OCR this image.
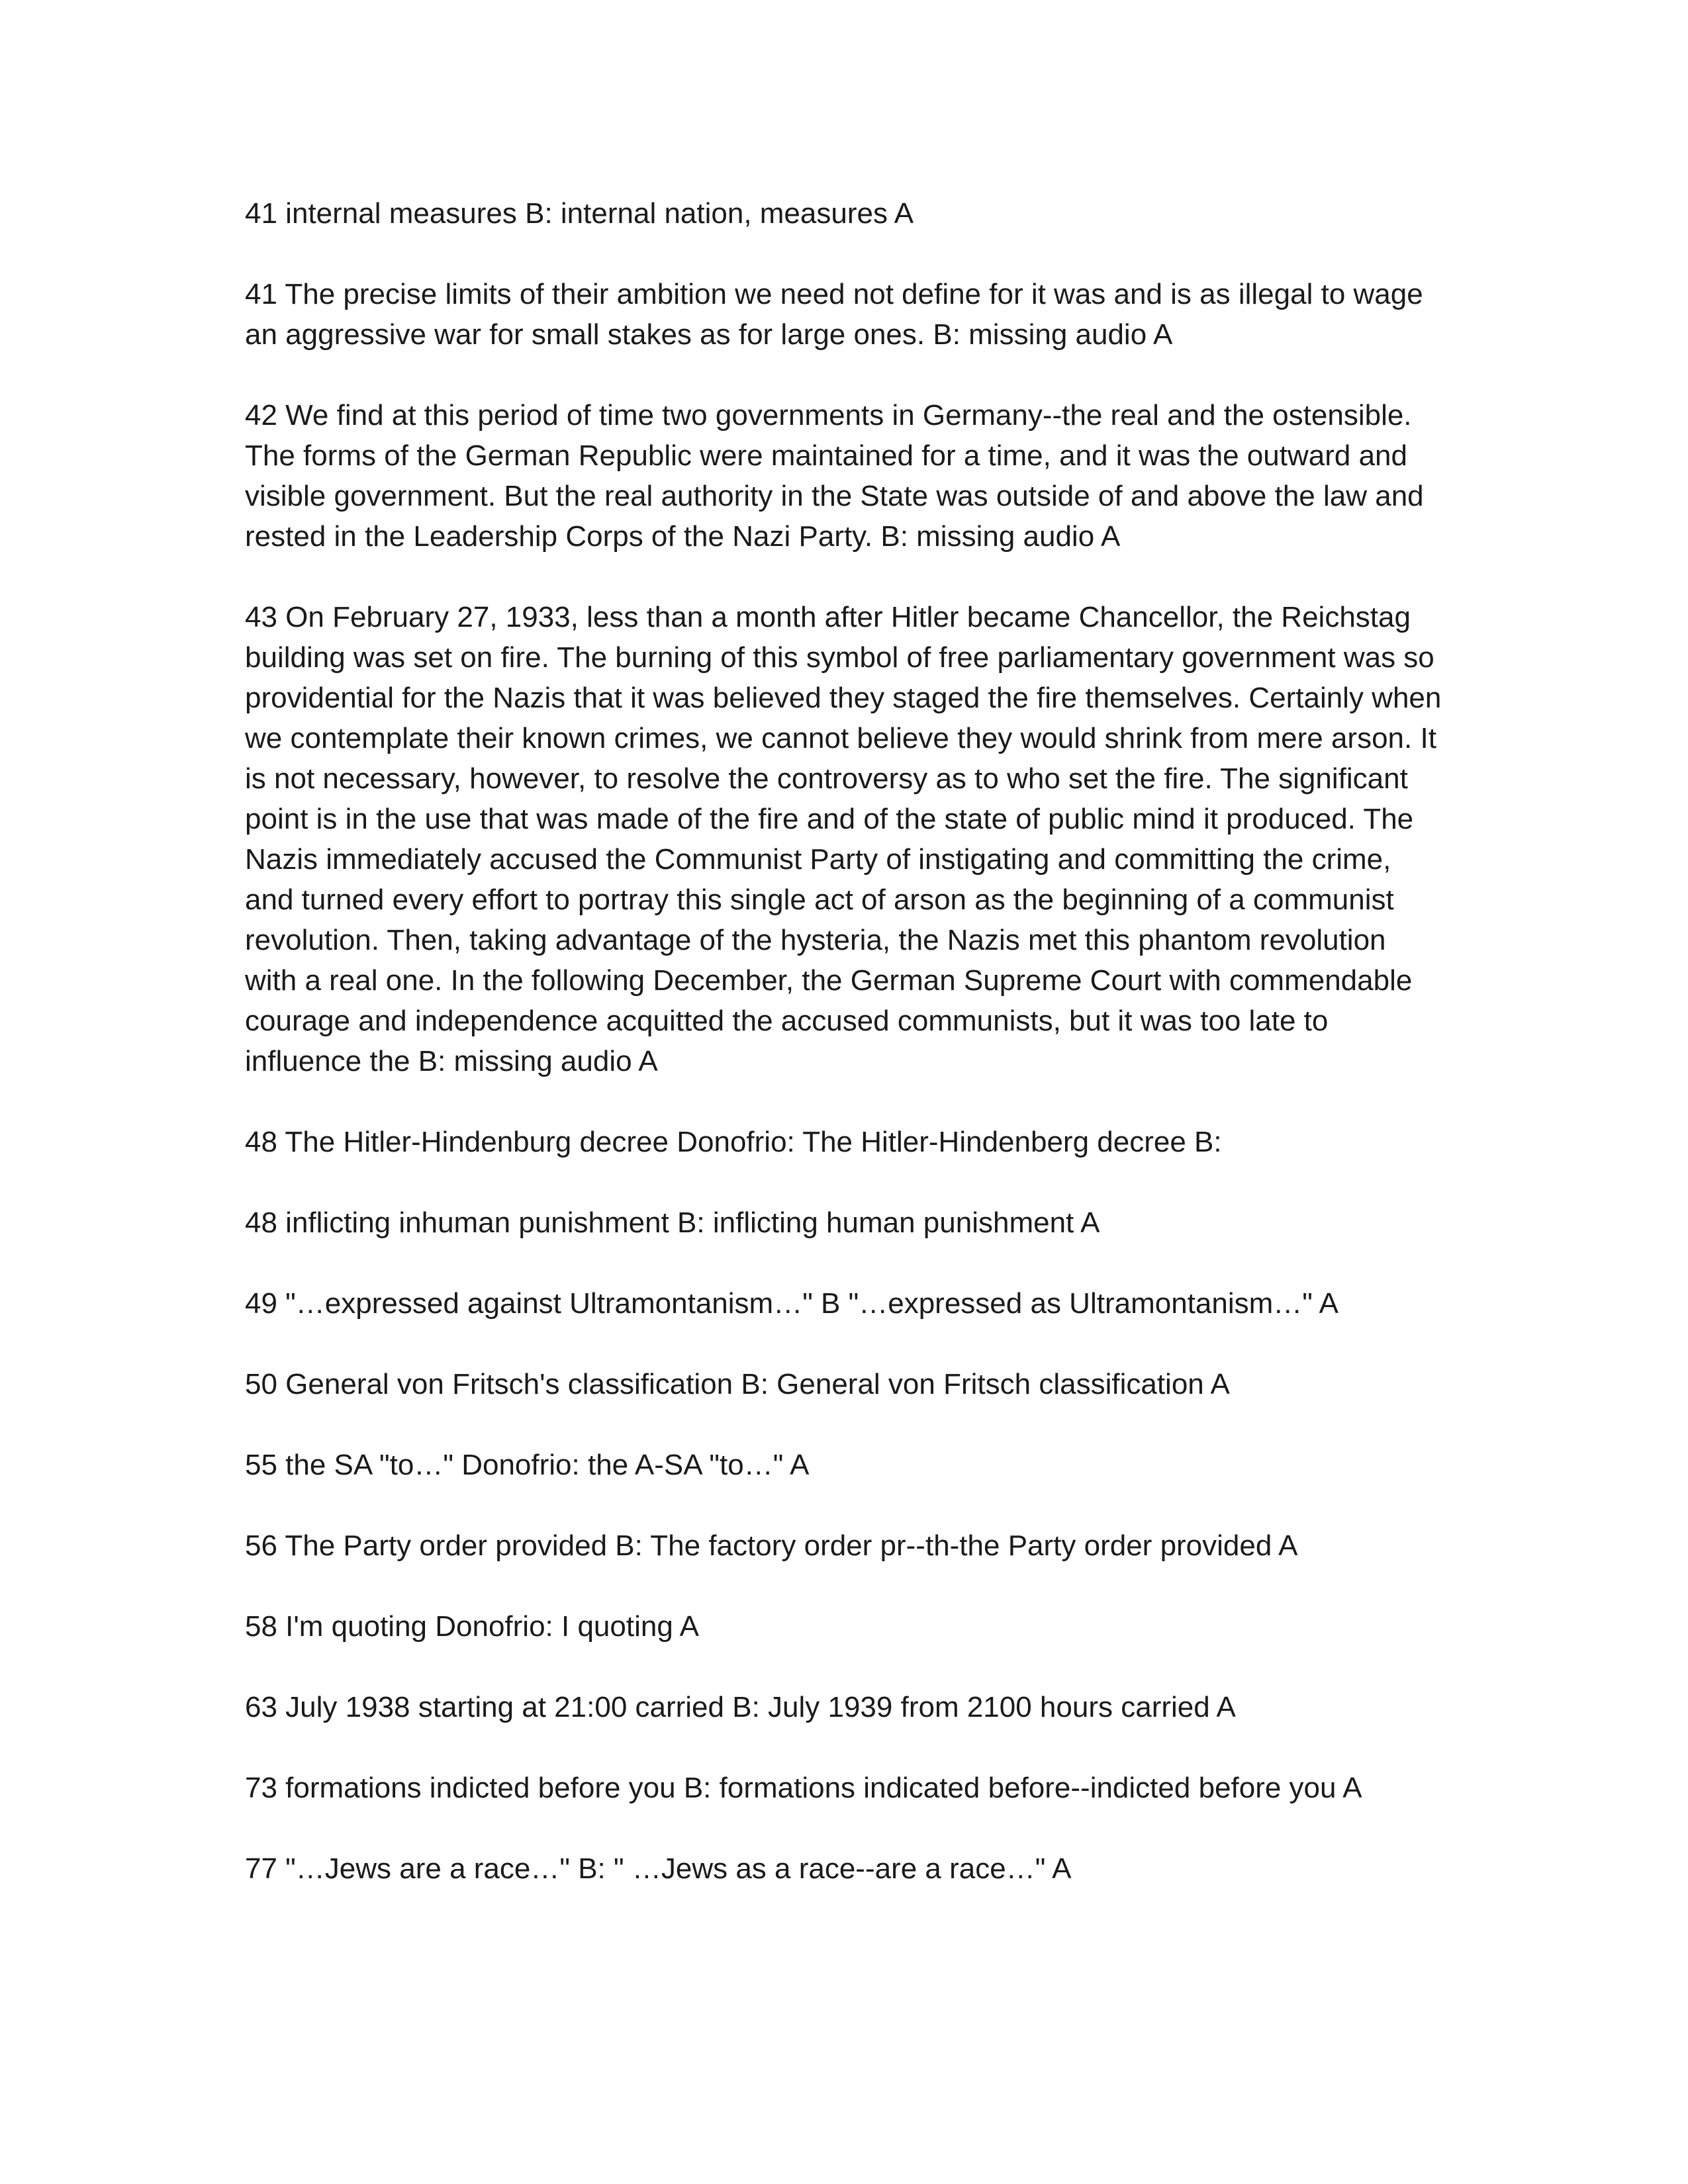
41 internal measures B: internal nation, measures A

41 The precise limits of their ambition we need not define for it was and is as illegal to wage an aggressive war for small stakes as for large ones. B: missing audio A

42 We find at this period of time two governments in Germany--the real and the ostensible. The forms of the German Republic were maintained for a time, and it was the outward and visible government. But the real authority in the State was outside of and above the law and rested in the Leadership Corps of the Nazi Party. B: missing audio A

43 On February 27, 1933, less than a month after Hitler became Chancellor, the Reichstag building was set on fire. The burning of this symbol of free parliamentary government was so providential for the Nazis that it was believed they staged the fire themselves. Certainly when we contemplate their known crimes, we cannot believe they would shrink from mere arson. It is not necessary, however, to resolve the controversy as to who set the fire. The significant point is in the use that was made of the fire and of the state of public mind it produced. The Nazis immediately accused the Communist Party of instigating and committing the crime, and turned every effort to portray this single act of arson as the beginning of a communist revolution. Then, taking advantage of the hysteria, the Nazis met this phantom revolution with a real one. In the following December, the German Supreme Court with commendable courage and independence acquitted the accused communists, but it was too late to influence the B: missing audio A

48 The Hitler-Hindenburg decree Donofrio: The Hitler-Hindenberg decree B:

48 inflicting inhuman punishment B: inflicting human punishment A

49 "…expressed against Ultramontanism…" B "…expressed as Ultramontanism…" A

50 General von Fritsch's classification B: General von Fritsch classification A

55 the SA "to…" Donofrio: the A-SA "to…" A

56 The Party order provided B: The factory order pr--th-the Party order provided A

58 I'm quoting Donofrio: I quoting A

63 July 1938 starting at 21:00 carried B: July 1939 from 2100 hours carried A

73 formations indicted before you B: formations indicated before--indicted before you A

77 "…Jews are a race…" B: " …Jews as a race--are a race…" A
